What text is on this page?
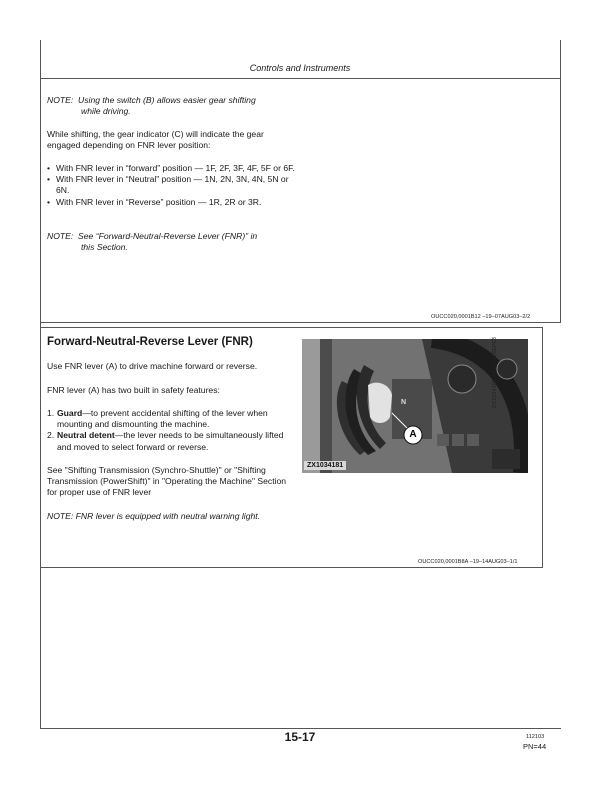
Controls and Instruments
NOTE: Using the switch (B) allows easier gear shifting
while driving.
While shifting, the gear indicator (C) will indicate the gear engaged depending on FNR lever position:
• With FNR lever in “forward” position — 1F, 2F, 3F, 4F, 5F or 6F.
• With FNR lever in “Neutral” position — 1N, 2N, 3N, 4N, 5N or 6N.
• With FNR lever in “Reverse” position — 1R, 2R or 3R.
NOTE: See “Forward-Neutral-Reverse Lever (FNR)” in
this Section.
OUCC020,0001B12 –19–07AUG03–2/2
Forward-Neutral-Reverse Lever (FNR)
Use FNR lever (A) to drive machine forward or reverse.
FNR lever (A) has two built in safety features:
1. Guard—to prevent accidental shifting of the lever when mounting and dismounting the machine.
2. Neutral detent—the lever needs to be simultaneously lifted and moved to select forward or reverse.
See "Shifting Transmission (Synchro-Shuttle)" or "Shifting Transmission (PowerShift)" in "Operating the Machine" Section for proper use of FNR lever
NOTE: FNR lever is equipped with neutral warning light.
N
A
ZX1034181
ZX1034181 —UN–01SEP03
OUCC020,0001B8A –19–14AUG03–1/1
15-17	112103
PN=44
